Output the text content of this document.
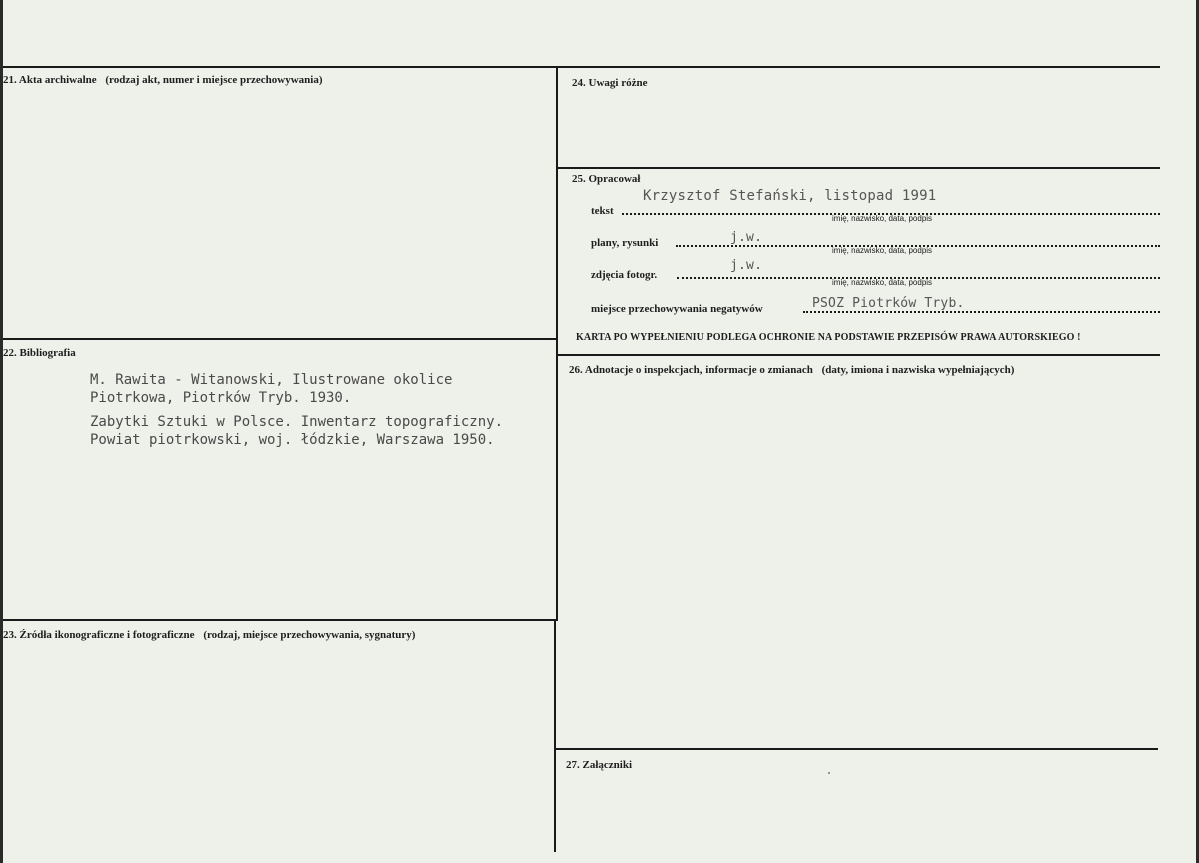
21. Akta archiwalne (rodzaj akt, numer i miejsce przechowywania)
22. Bibliografia
M. Rawita - Witanowski, Ilustrowane okolice
Piotrkowa, Piotrków Tryb. 1930.
Zabytki Sztuki w Polsce. Inwentarz topograficzny.
Powiat piotrkowski, woj. łódzkie, Warszawa 1950.
23. Źródła ikonograficzne i fotograficzne (rodzaj, miejsce przechowywania, sygnatury)
24. Uwagi różne
25. Opracował
Krzysztof Stefański, listopad 1991
tekst
imię, nazwisko, data, podpis
j.w.
plany, rysunki
imię, nazwisko, data, podpis
j.w.
zdjęcia fotogr.
imię, nazwisko, data, podpis
miejsce przechowywania negatywów	PSOZ Piotrków Tryb.
KARTA PO WYPEŁNIENIU PODLEGA OCHRONIE NA PODSTAWIE PRZEPISÓW PRAWA AUTORSKIEGO !
26. Adnotacje o inspekcjach, informacje o zmianach (daty, imiona i nazwiska wypełniających)
27. Załączniki
